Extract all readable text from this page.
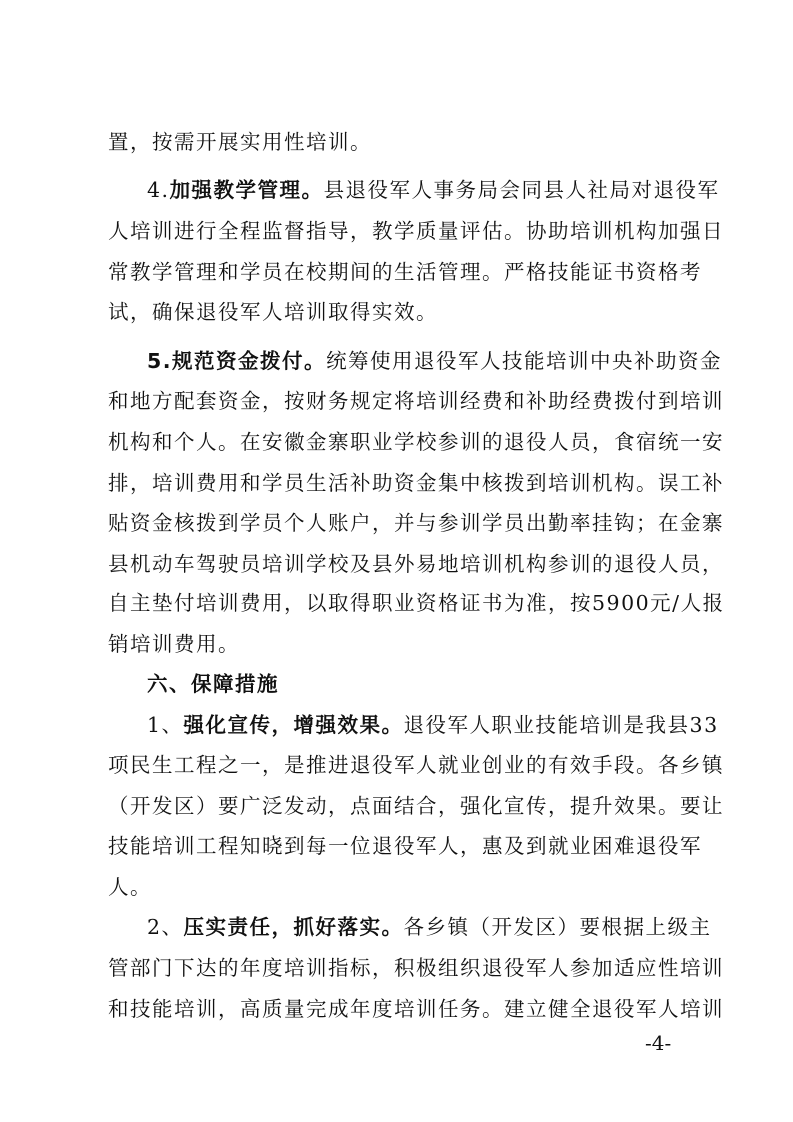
置，按需开展实用性培训。
4.加强教学管理。县退役军人事务局会同县人社局对退役军
人培训进行全程监督指导，教学质量评估。协助培训机构加强日
常教学管理和学员在校期间的生活管理。严格技能证书资格考
试，确保退役军人培训取得实效。
5.规范资金拨付。统筹使用退役军人技能培训中央补助资金
和地方配套资金，按财务规定将培训经费和补助经费拨付到培训
机构和个人。在安徽金寨职业学校参训的退役人员，食宿统一安
排，培训费用和学员生活补助资金集中核拨到培训机构。误工补
贴资金核拨到学员个人账户，并与参训学员出勤率挂钩；在金寨
县机动车驾驶员培训学校及县外易地培训机构参训的退役人员，
自主垫付培训费用，以取得职业资格证书为准，按5900元/人报
销培训费用。
六、保障措施
1、强化宣传，增强效果。退役军人职业技能培训是我县33
项民生工程之一，是推进退役军人就业创业的有效手段。各乡镇
（开发区）要广泛发动，点面结合，强化宣传，提升效果。要让
技能培训工程知晓到每一位退役军人，惠及到就业困难退役军
人。
2、压实责任，抓好落实。各乡镇（开发区）要根据上级主
管部门下达的年度培训指标，积极组织退役军人参加适应性培训
和技能培训，高质量完成年度培训任务。建立健全退役军人培训
-4-
